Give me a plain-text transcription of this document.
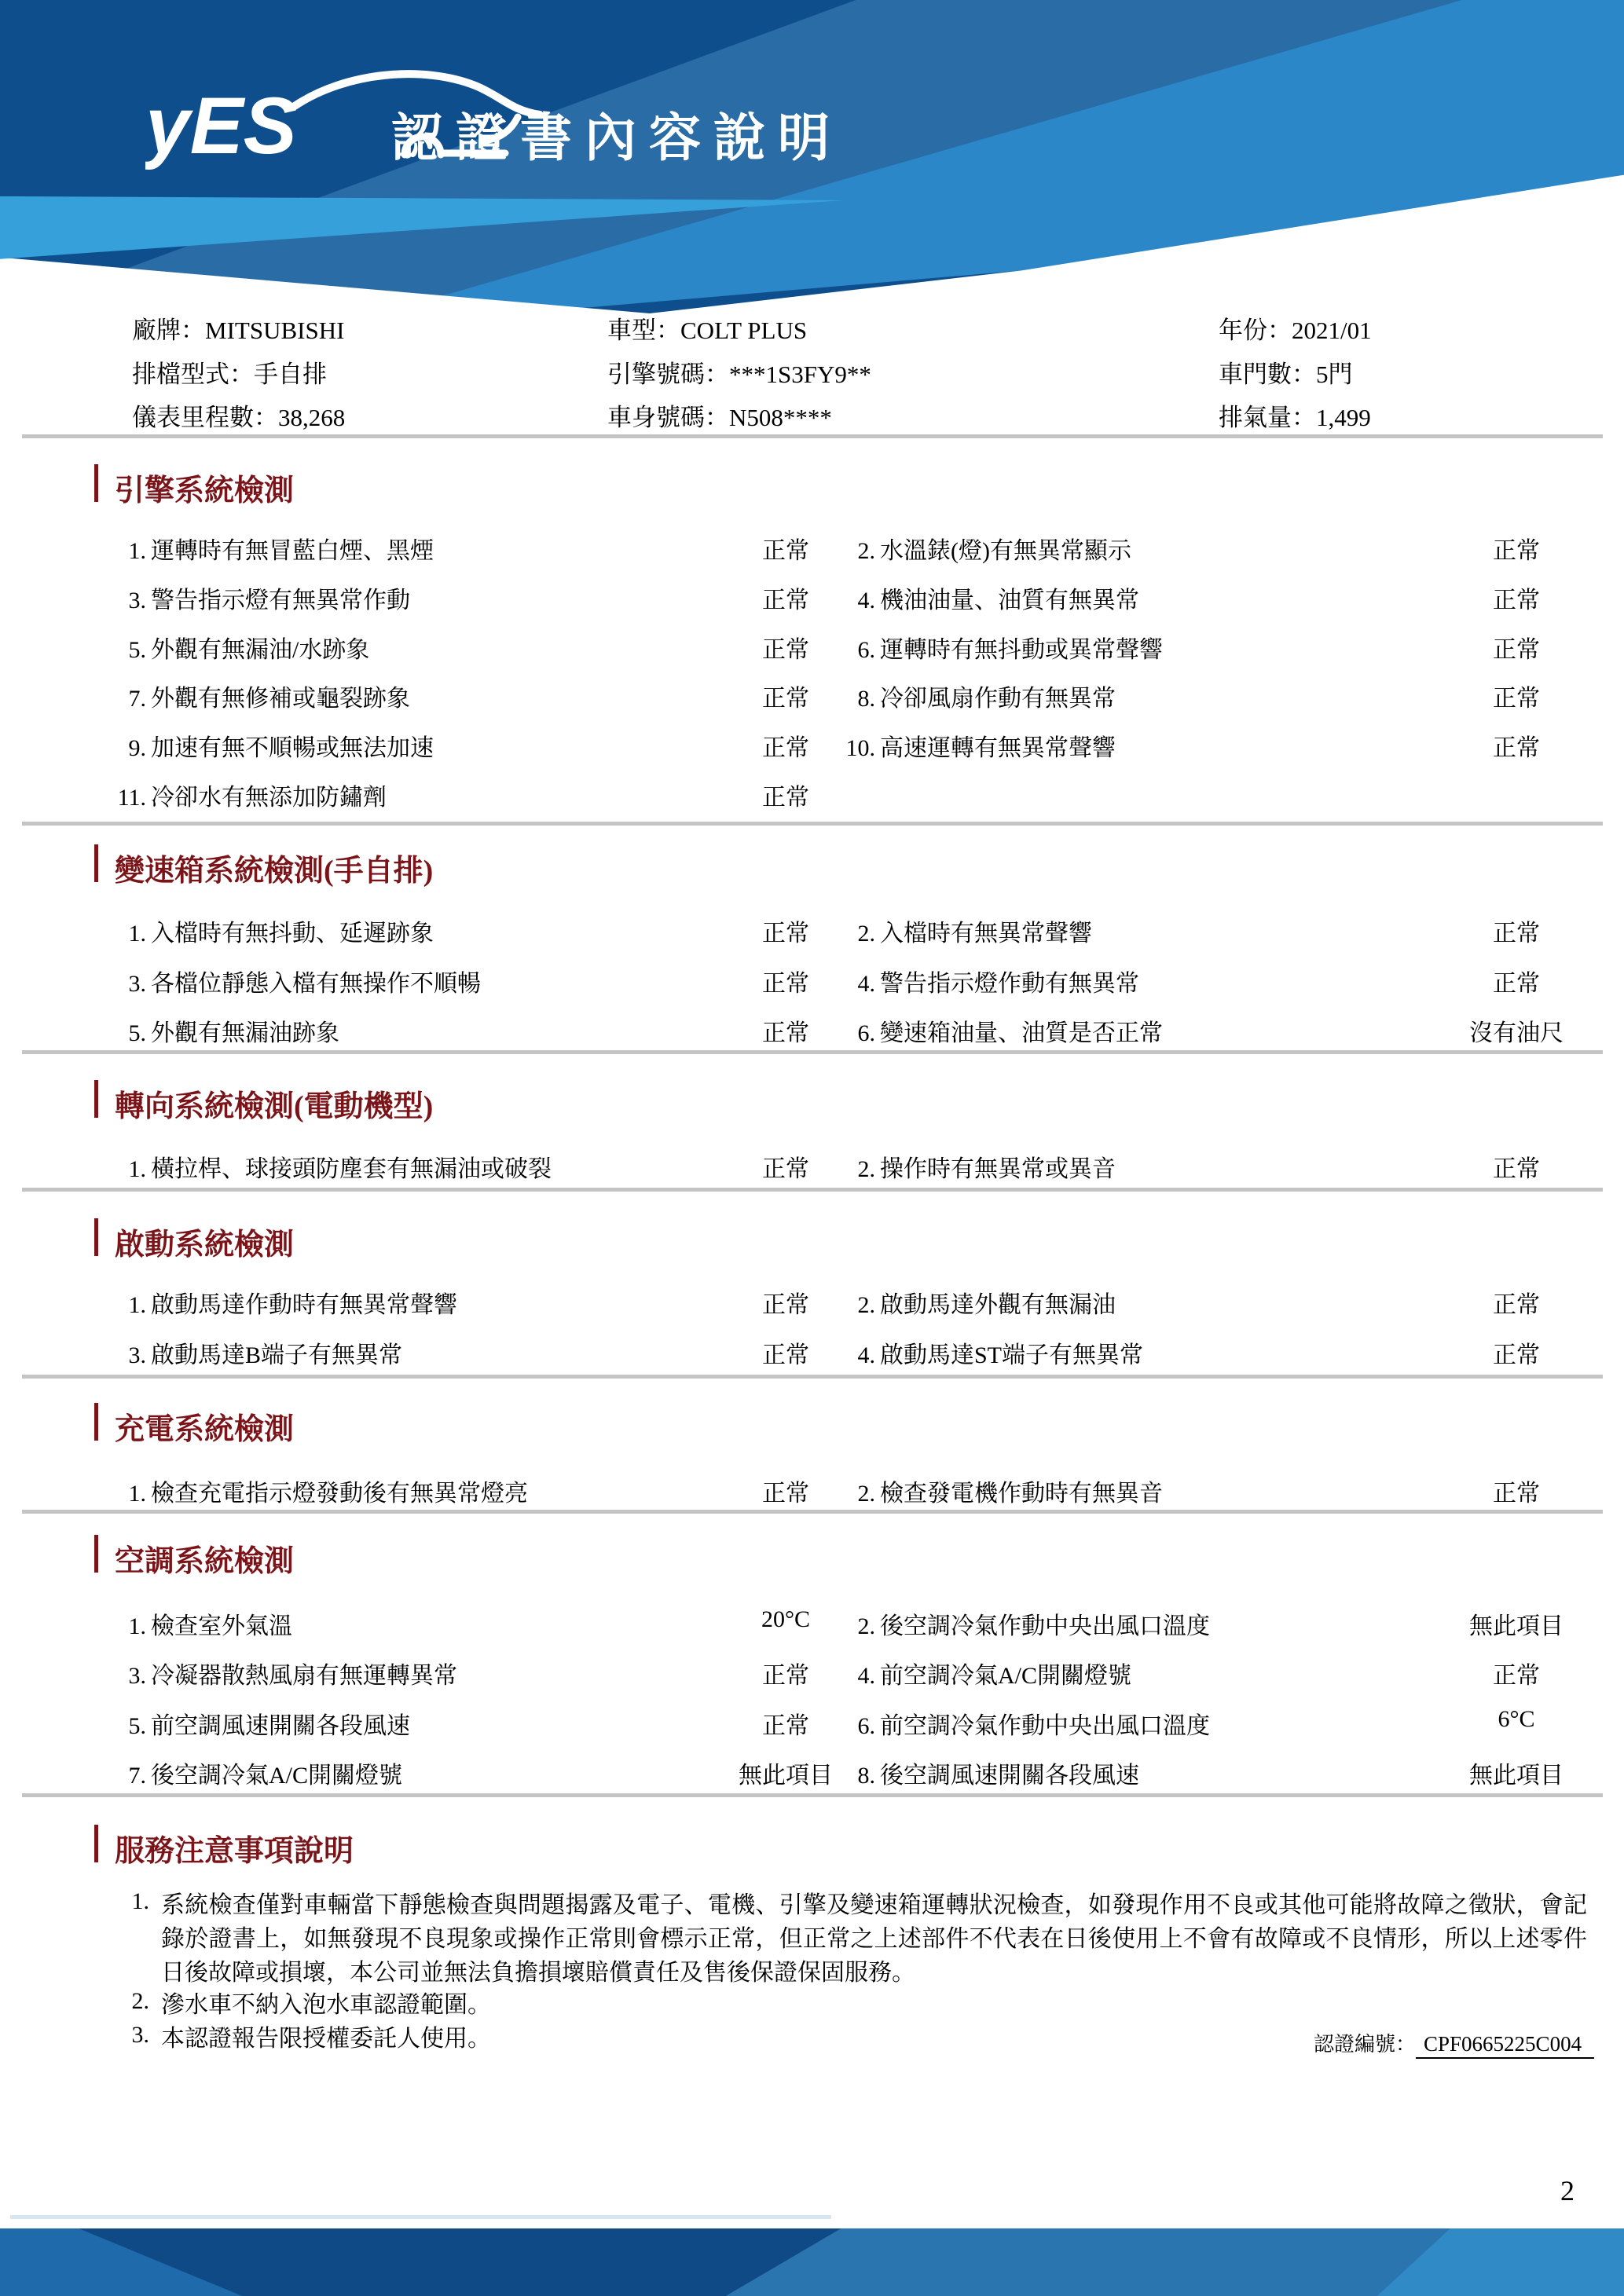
yES 認證書內容說明
廠牌：MITSUBISHI	車型：COLT PLUS	年份：2021/01
排檔型式：手自排	引擎號碼：***1S3FY9**	車門數：5門
儀表里程數：38,268	車身號碼：N508****	排氣量：1,499
引擎系統檢測
1. 運轉時有無冒藍白煙、黑煙	正常	2. 水溫錶(燈)有無異常顯示	正常
3. 警告指示燈有無異常作動	正常	4. 機油油量、油質有無異常	正常
5. 外觀有無漏油/水跡象	正常	6. 運轉時有無抖動或異常聲響	正常
7. 外觀有無修補或龜裂跡象	正常	8. 冷卻風扇作動有無異常	正常
9. 加速有無不順暢或無法加速	正常	10. 高速運轉有無異常聲響	正常
11. 冷卻水有無添加防鏽劑	正常
變速箱系統檢測(手自排)
1. 入檔時有無抖動、延遲跡象	正常	2. 入檔時有無異常聲響	正常
3. 各檔位靜態入檔有無操作不順暢	正常	4. 警告指示燈作動有無異常	正常
5. 外觀有無漏油跡象	正常	6. 變速箱油量、油質是否正常	沒有油尺
轉向系統檢測(電動機型)
1. 橫拉桿、球接頭防塵套有無漏油或破裂	正常	2. 操作時有無異常或異音	正常
啟動系統檢測
1. 啟動馬達作動時有無異常聲響	正常	2. 啟動馬達外觀有無漏油	正常
3. 啟動馬達B端子有無異常	正常	4. 啟動馬達ST端子有無異常	正常
充電系統檢測
1. 檢查充電指示燈發動後有無異常燈亮	正常	2. 檢查發電機作動時有無異音	正常
空調系統檢測
1. 檢查室外氣溫	20°C	2. 後空調冷氣作動中央出風口溫度	無此項目
3. 冷凝器散熱風扇有無運轉異常	正常	4. 前空調冷氣A/C開關燈號	正常
5. 前空調風速開關各段風速	正常	6. 前空調冷氣作動中央出風口溫度	6°C
7. 後空調冷氣A/C開關燈號	無此項目	8. 後空調風速開關各段風速	無此項目
服務注意事項說明
1. 系統檢查僅對車輛當下靜態檢查與問題揭露及電子、電機、引擎及變速箱運轉狀況檢查，如發現作用不良或其他可能將故障之徵狀，會記錄於證書上，如無發現不良現象或操作正常則會標示正常，但正常之上述部件不代表在日後使用上不會有故障或不良情形，所以上述零件日後故障或損壞，本公司並無法負擔損壞賠償責任及售後保證保固服務。
2. 滲水車不納入泡水車認證範圍。
3. 本認證報告限授權委託人使用。	認證編號： CPF0665225C004
2
